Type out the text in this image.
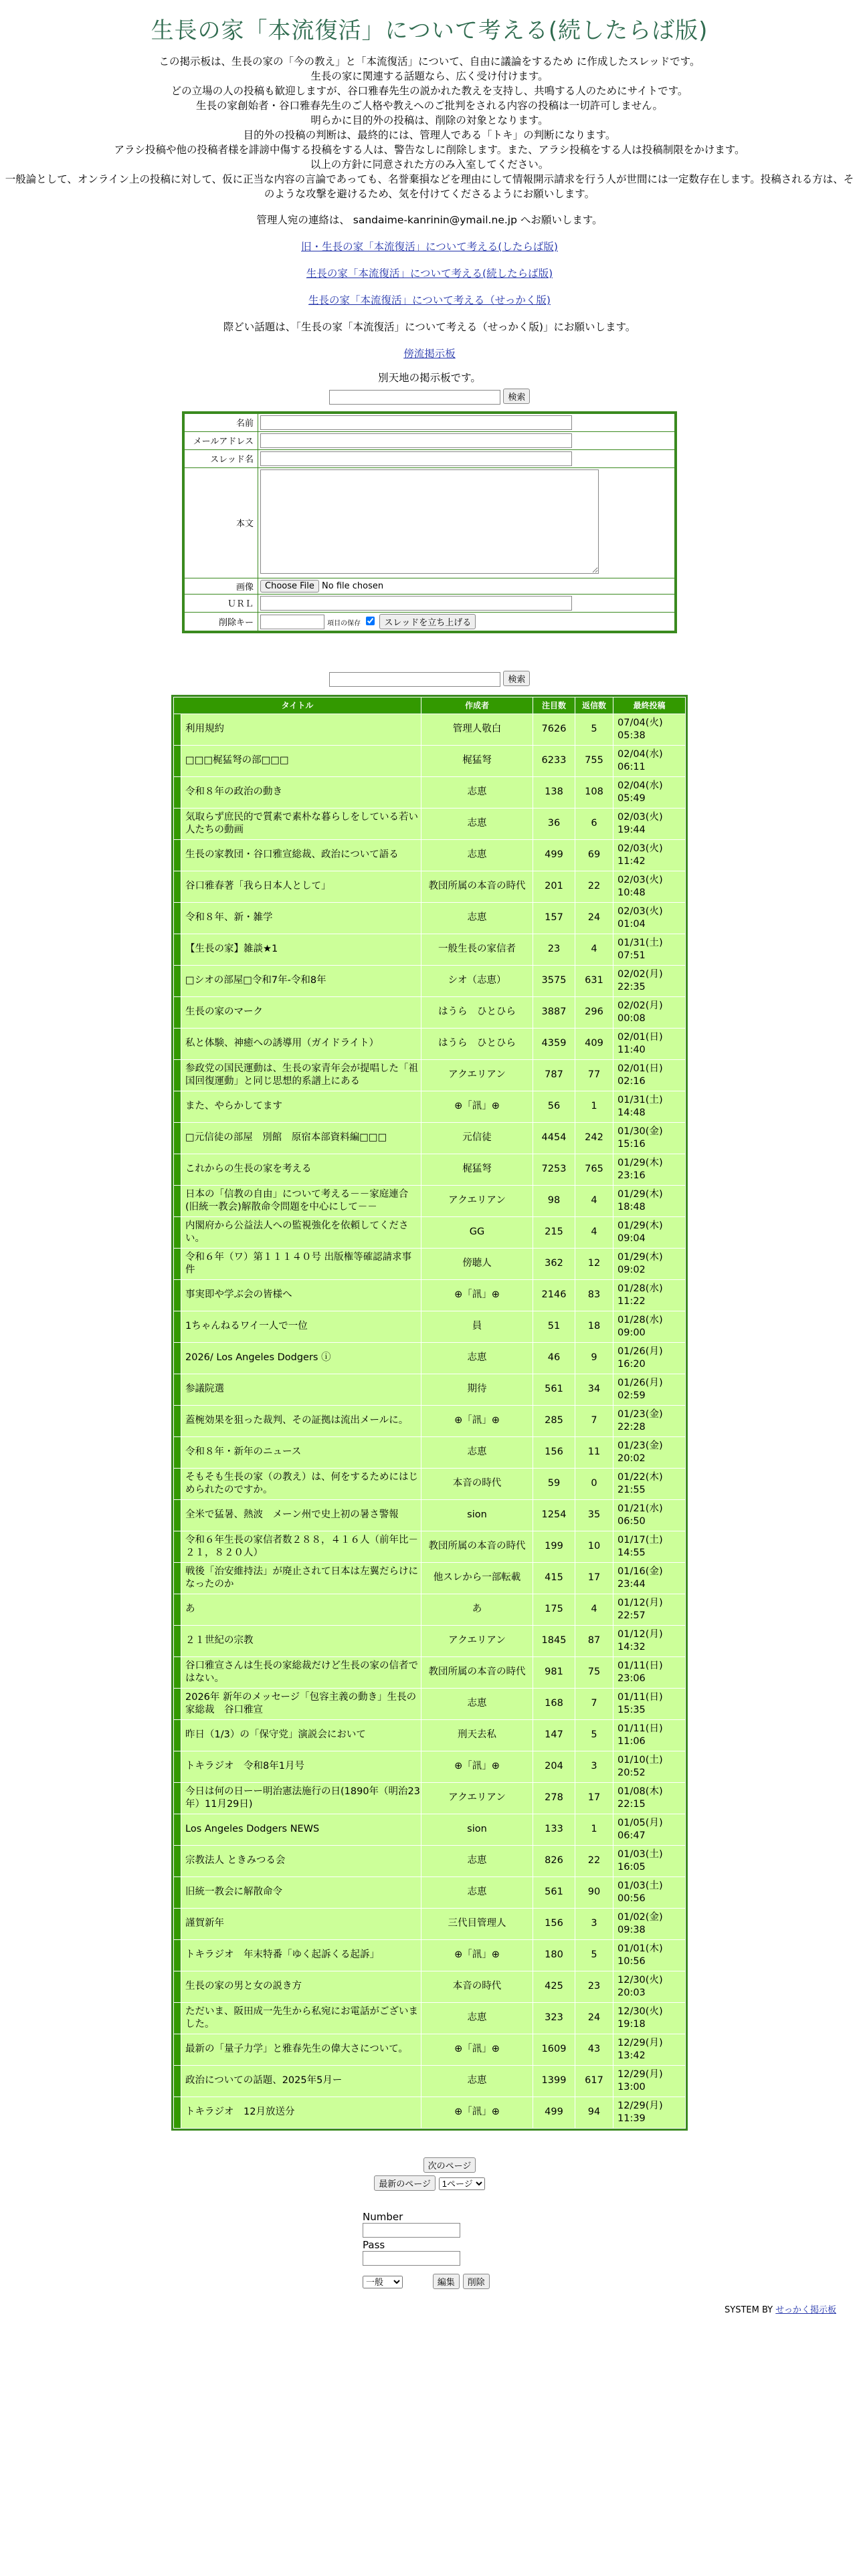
生長の家「本流復活」について考える(続したらば版)
この掲示板は、生長の家の「今の教え」と「本流復活」について、自由に議論をするため に作成したスレッドです。
生長の家に関連する話題なら、広く受け付けます。
どの立場の人の投稿も歓迎しますが、谷口雅春先生の説かれた教えを支持し、共鳴する人のためにサイトです。
生長の家創始者・谷口雅春先生のご人格や教えへのご批判をされる内容の投稿は一切許可しません。
明らかに目的外の投稿は、削除の対象となります。
目的外の投稿の判断は、最終的には、管理人である「トキ」の判断になります。
アラシ投稿や他の投稿者様を誹謗中傷する投稿をする人は、警告なしに削除します。また、アラシ投稿をする人は投稿制限をかけます。
以上の方針に同意された方のみ入室してください。
一般論として、オンライン上の投稿に対して、仮に正当な内容の言論であっても、名誉棄損などを理由にして情報開示請求を行う人が世間には一定数存在します。投稿される方は、そのような攻撃を避けるため、気を付けてくださるようにお願いします。
管理人宛の連絡は、 sandaime-kanrinin@ymail.ne.jp へお願いします。
旧・生長の家「本流復活」について考える(したらば版)
生長の家「本流復活」について考える(続したらば版)
生長の家「本流復活」について考える（せっかく版)
際どい話題は、「生長の家「本流復活」について考える（せっかく版)」にお願いします。
傍流掲示板
別天地の掲示板です。
検索
名前	
メールアドレス	
スレッド名	
本文	
画像	Choose File No file chosen
ＵＲＬ	
削除キー	項目の保存 スレッドを立ち上げる
検索
タイトル		作成者	注目数	返信数	最終投稿
	利用規約	管理人敬白	7626	5	07/04(火)
05:38
	□□□梶猛弩の部□□□	梶猛弩	6233	755	02/04(水)
06:11
	令和８年の政治の動き	志恵	138	108	02/04(水)
05:49
	気取らず庶民的で質素で素朴な暮らしをしている若い人たちの動画	志恵	36	6	02/03(火)
19:44
	生長の家教団・谷口雅宣総裁、政治について語る	志恵	499	69	02/03(火)
11:42
	谷口雅春著「我ら日本人として」	教団所属の本音の時代	201	22	02/03(火)
10:48
	令和８年、新・雑学	志恵	157	24	02/03(火)
01:04
	【生長の家】雑談★1	一般生長の家信者	23	4	01/31(土)
07:51
	□シオの部屋□令和7年-令和8年	シオ（志恵）	3575	631	02/02(月)
22:35
	生長の家のマーク	はうら　ひとひら	3887	296	02/02(月)
00:08
	私と体験、神癒への誘導用（ガイドライト）	はうら　ひとひら	4359	409	02/01(日)
11:40
	参政党の国民運動は、生長の家青年会が提唱した「祖国回復運動」と同じ思想的系譜上にある	アクエリアン	787	77	02/01(日)
02:16
	また、やらかしてます	⊕「訊」⊕	56	1	01/31(土)
14:48
	□元信徒の部屋　別館　原宿本部資料編□□□	元信徒	4454	242	01/30(金)
15:16
	これからの生長の家を考える	梶猛弩	7253	765	01/29(木)
23:16
	日本の「信教の自由」について考える－－家庭連合(旧統一教会)解散命令問題を中心にして－－	アクエリアン	98	4	01/29(木)
18:48
	内閣府から公益法人への監視強化を依頼してください。	GG	215	4	01/29(木)
09:04
	令和６年（ワ）第１１１４０号 出版権等確認請求事件	傍聴人	362	12	01/29(木)
09:02
	事実即や学ぶ会の皆様へ	⊕「訊」⊕	2146	83	01/28(水)
11:22
	1ちゃんねるワイ一人で一位	員	51	18	01/28(水)
09:00
	2026/ Los Angeles Dodgers ⓘ	志恵	46	9	01/26(月)
16:20
	参議院選	期待	561	34	01/26(月)
02:59
	蓋椀効果を狙った裁判、その証拠は流出メールに。	⊕「訊」⊕	285	7	01/23(金)
22:28
	令和８年・新年のニュース	志恵	156	11	01/23(金)
20:02
	そもそも生長の家（の教え）は、何をするためにはじめられたのですか。	本音の時代	59	0	01/22(木)
21:55
	全米で猛暑、熱波　メーン州で史上初の暑さ警報	sion	1254	35	01/21(水)
06:50
	令和６年生長の家信者数２８８，４１６人（前年比－２１，８２０人）	教団所属の本音の時代	199	10	01/17(土)
14:55
	戦後「治安維持法」が廃止されて日本は左翼だらけになったのか	他スレから一部転載	415	17	01/16(金)
23:44
	あ	あ	175	4	01/12(月)
22:57
	２１世紀の宗教	アクエリアン	1845	87	01/12(月)
14:32
	谷口雅宣さんは生長の家総裁だけど生長の家の信者ではない。	教団所属の本音の時代	981	75	01/11(日)
23:06
	2026年 新年のメッセージ「包容主義の動き」生長の家総裁　谷口雅宣	志恵	168	7	01/11(日)
15:35
	昨日（1/3）の「保守党」演説会において	刑天去私	147	5	01/11(日)
11:06
	トキラジオ　令和8年1月号	⊕「訊」⊕	204	3	01/10(土)
20:52
	今日は何の日ーー明治憲法施行の日(1890年（明治23年）11月29日)	アクエリアン	278	17	01/08(木)
22:15
	Los Angeles Dodgers NEWS	sion	133	1	01/05(月)
06:47
	宗教法人 ときみつる会	志恵	826	22	01/03(土)
16:05
	旧統一教会に解散命令	志恵	561	90	01/03(土)
00:56
	謹賀新年	三代目管理人	156	3	01/02(金)
09:38
	トキラジオ　年末特番「ゆく起訴くる起訴」	⊕「訊」⊕	180	5	01/01(木)
10:56
	生長の家の男と女の説き方	本音の時代	425	23	12/30(火)
20:03
	ただいま、阪田成一先生から私宛にお電話がございました。	志恵	323	24	12/30(火)
19:18
	最新の「量子力学」と雅春先生の偉大さについて。	⊕「訊」⊕	1609	43	12/29(月)
13:42
	政治についての話題、2025年5月ー	志恵	1399	617	12/29(月)
13:00
	トキラジオ　12月放送分	⊕「訊」⊕	499	94	12/29(月)
11:39
次のページ
最新のページ
1ページ
Number
Pass
一般 編集 削除
SYSTEM BY せっかく掲示板
